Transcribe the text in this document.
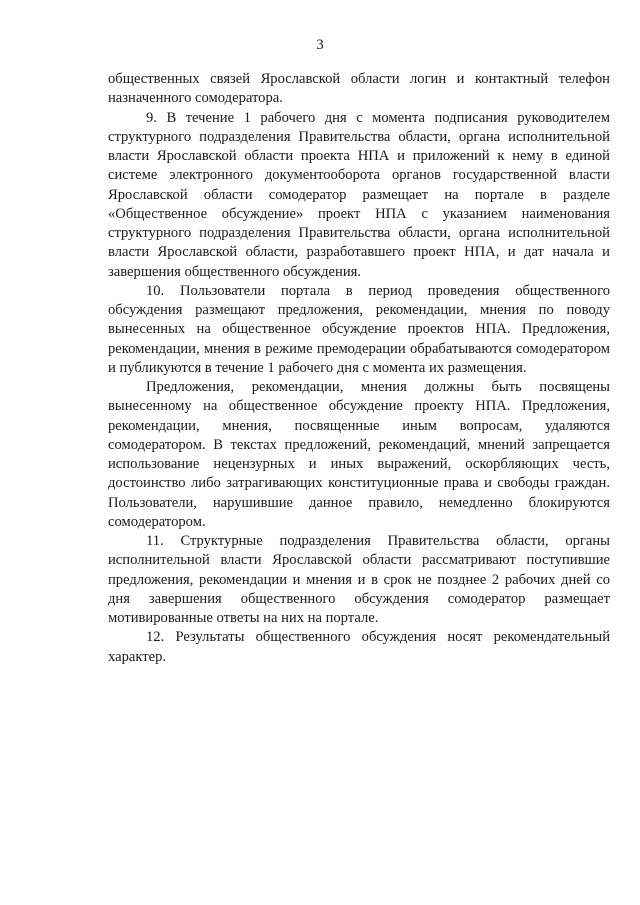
3

общественных связей Ярославской области логин и контактный телефон назначенного сомодератора.

9. В течение 1 рабочего дня с момента подписания руководителем структурного подразделения Правительства области, органа исполнительной власти Ярославской области проекта НПА и приложений к нему в единой системе электронного документооборота органов государственной власти Ярославской области сомодератор размещает на портале в разделе «Общественное обсуждение» проект НПА с указанием наименования структурного подразделения Правительства области, органа исполнительной власти Ярославской области, разработавшего проект НПА, и дат начала и завершения общественного обсуждения.

10. Пользователи портала в период проведения общественного обсуждения размещают предложения, рекомендации, мнения по поводу вынесенных на общественное обсуждение проектов НПА. Предложения, рекомендации, мнения в режиме премодерации обрабатываются сомодератором и публикуются в течение 1 рабочего дня с момента их размещения.

Предложения, рекомендации, мнения должны быть посвящены вынесенному на общественное обсуждение проекту НПА. Предложения, рекомендации, мнения, посвященные иным вопросам, удаляются сомодератором. В текстах предложений, рекомендаций, мнений запрещается использование нецензурных и иных выражений, оскорбляющих честь, достоинство либо затрагивающих конституционные права и свободы граждан. Пользователи, нарушившие данное правило, немедленно блокируются сомодератором.

11. Структурные подразделения Правительства области, органы исполнительной власти Ярославской области рассматривают поступившие предложения, рекомендации и мнения и в срок не позднее 2 рабочих дней со дня завершения общественного обсуждения сомодератор размещает мотивированные ответы на них на портале.

12. Результаты общественного обсуждения носят рекомендательный характер.
